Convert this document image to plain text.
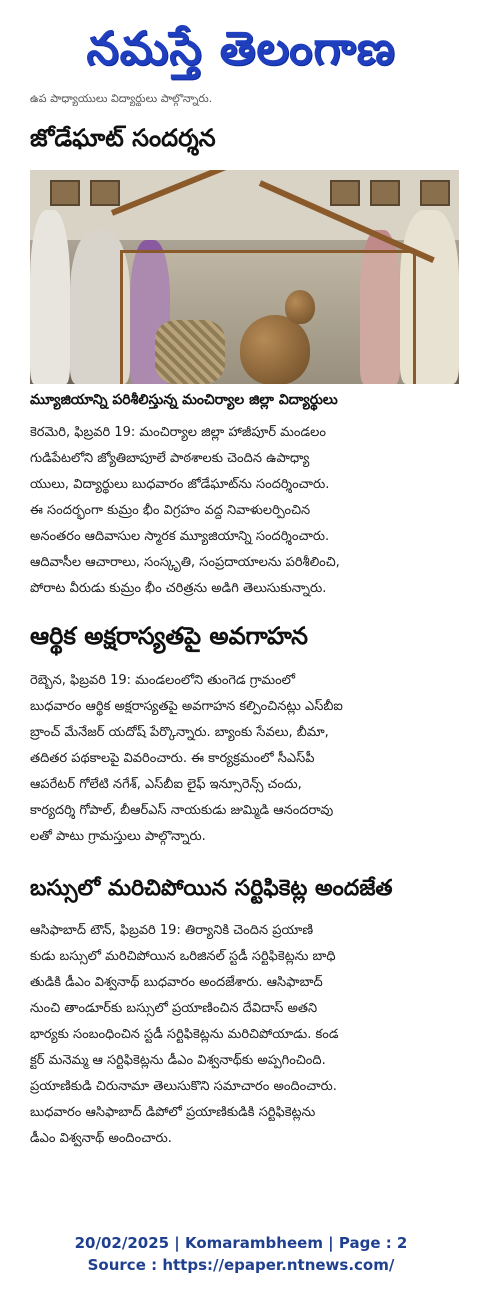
నమస్తే తెలంగాణ
ఉప పాధ్యాయులు విద్యార్థులు పాల్గొన్నారు.
జోడేఘాట్ సందర్శన
మ్యూజియాన్ని పరిశీలిస్తున్న మంచిర్యాల జిల్లా విద్యార్థులు
కెరమెరి, ఫిబ్రవరి 19: మంచిర్యాల జిల్లా హాజీపూర్ మండలం
గుడిపేటలోని జ్యోతిబాపూలే పాఠశాలకు చెందిన ఉపాధ్యా
యులు, విద్యార్థులు బుధవారం జోడేఘాట్‌ను సందర్శించారు.
ఈ సందర్భంగా కుమ్రం భీం విగ్రహం వద్ద నివాళులర్పించిన
అనంతరం ఆదివాసుల స్మారక మ్యూజియాన్ని సందర్శించారు.
ఆదివాసీల ఆచారాలు, సంస్కృతి, సంప్రదాయాలను పరిశీలించి,
పోరాట వీరుడు కుమ్రం భీం చరిత్రను అడిగి తెలుసుకున్నారు.
ఆర్థిక అక్షరాస్యతపై అవగాహన
రెబ్బెన, ఫిబ్రవరి 19: మండలంలోని తుంగెడ గ్రామంలో
బుధవారం ఆర్థిక అక్షరాస్యతపై అవగాహన కల్పించినట్లు ఎస్‌బీఐ
బ్రాంచ్ మేనేజర్ యదోష్ పేర్కొన్నారు. బ్యాంకు సేవలు, బీమా,
తదితర పథకాలపై వివరించారు. ఈ కార్యక్రమంలో సీఎస్‌పీ
ఆపరేటర్ గోలేటి నగేశ్, ఎస్‌బీఐ లైఫ్ ఇన్సూరెన్స్ చందు,
కార్యదర్శి గోపాల్, బీఆర్‌ఎస్ నాయకుడు జుమ్మిడి ఆనందరావు
లతో పాటు గ్రామస్తులు పాల్గొన్నారు.
బస్సులో మరిచిపోయిన సర్టిఫికెట్ల అందజేత
ఆసిఫాబాద్ టౌన్, ఫిబ్రవరి 19: తిర్యానికి చెందిన ప్రయాణి
కుడు బస్సులో మరిచిపోయిన ఒరిజినల్ స్టడీ సర్టిఫికెట్లను బాధి
తుడికి డీఎం విశ్వనాథ్ బుధవారం అందజేశారు. ఆసిఫాబాద్
నుంచి తాండూర్‌కు బస్సులో ప్రయాణించిన దేవిదాస్ అతని
భార్యకు సంబంధించిన స్టడీ సర్టిఫికెట్లను మరిచిపోయాడు. కండ
క్టర్ మనెమ్మ ఆ సర్టిఫికెట్లను డీఎం విశ్వనాథ్‌కు అప్పగించింది.
ప్రయాణికుడి చిరునామా తెలుసుకొని సమాచారం అందించారు.
బుధవారం ఆసిఫాబాద్ డిపోలో ప్రయాణికుడికి సర్టిఫికెట్లను
డీఎం విశ్వనాథ్ అందించారు.
20/02/2025 | Komarambheem | Page : 2
Source : https://epaper.ntnews.com/
